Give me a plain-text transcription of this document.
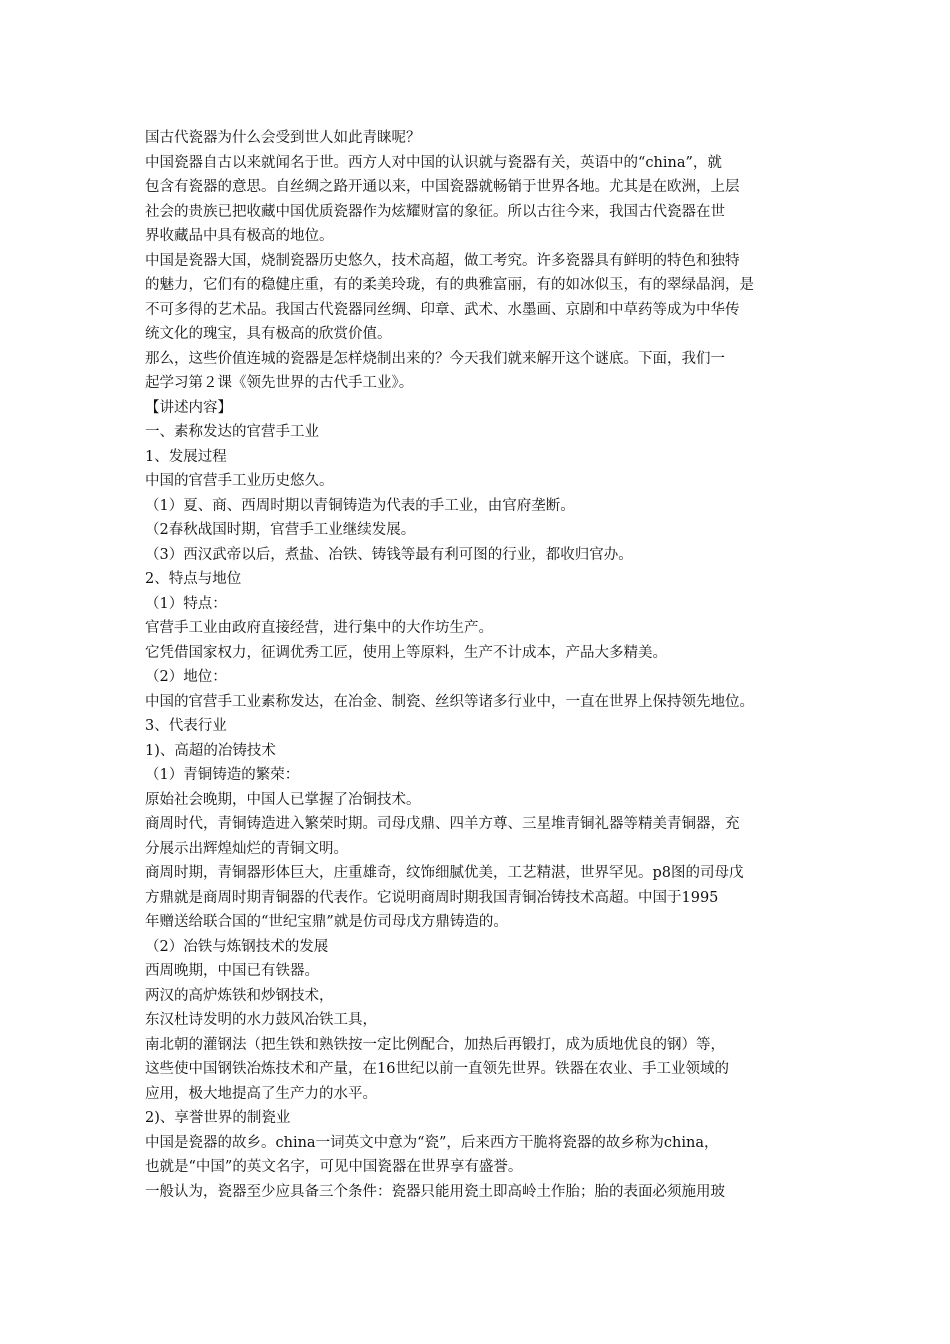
国古代瓷器为什么会受到世人如此青睐呢？
中国瓷器自古以来就闻名于世。西方人对中国的认识就与瓷器有关，英语中的“china”，就
包含有瓷器的意思。自丝绸之路开通以来，中国瓷器就畅销于世界各地。尤其是在欧洲，上层
社会的贵族已把收藏中国优质瓷器作为炫耀财富的象征。所以古往今来，我国古代瓷器在世
界收藏品中具有极高的地位。
中国是瓷器大国，烧制瓷器历史悠久，技术高超，做工考究。许多瓷器具有鲜明的特色和独特
的魅力，它们有的稳健庄重，有的柔美玲珑，有的典雅富丽，有的如冰似玉，有的翠绿晶润，是
不可多得的艺术品。我国古代瓷器同丝绸、印章、武术、水墨画、京剧和中草药等成为中华传
统文化的瑰宝，具有极高的欣赏价值。
那么，这些价值连城的瓷器是怎样烧制出来的？今天我们就来解开这个谜底。下面，我们一
起学习第２课《领先世界的古代手工业》。
【讲述内容】
一、素称发达的官营手工业
1、发展过程
中国的官营手工业历史悠久。
（1）夏、商、西周时期以青铜铸造为代表的手工业，由官府垄断。
（2春秋战国时期，官营手工业继续发展。
（3）西汉武帝以后，煮盐、冶铁、铸钱等最有利可图的行业，都收归官办。
2、特点与地位
（1）特点：
官营手工业由政府直接经营，进行集中的大作坊生产。
它凭借国家权力，征调优秀工匠，使用上等原料，生产不计成本，产品大多精美。
（2）地位：
中国的官营手工业素称发达，在冶金、制瓷、丝织等诸多行业中，一直在世界上保持领先地位。
3、代表行业
1)、高超的冶铸技术
（1）青铜铸造的繁荣：
原始社会晚期，中国人已掌握了冶铜技术。
商周时代，青铜铸造进入繁荣时期。司母戊鼎、四羊方尊、三星堆青铜礼器等精美青铜器，充
分展示出辉煌灿烂的青铜文明。
商周时期，青铜器形体巨大，庄重雄奇，纹饰细腻优美，工艺精湛，世界罕见。p8图的司母戊
方鼎就是商周时期青铜器的代表作。它说明商周时期我国青铜冶铸技术高超。中国于1995
年赠送给联合国的“世纪宝鼎”就是仿司母戊方鼎铸造的。
（2）冶铁与炼钢技术的发展
西周晚期，中国已有铁器。
两汉的高炉炼铁和炒钢技术，
东汉杜诗发明的水力鼓风冶铁工具，
南北朝的灌钢法（把生铁和熟铁按一定比例配合，加热后再锻打，成为质地优良的钢）等，
这些使中国钢铁冶炼技术和产量，在16世纪以前一直领先世界。铁器在农业、手工业领域的
应用，极大地提高了生产力的水平。
2)、享誉世界的制瓷业
中国是瓷器的故乡。china一词英文中意为“瓷”，后来西方干脆将瓷器的故乡称为china，
也就是“中国”的英文名字，可见中国瓷器在世界享有盛誉。
一般认为，瓷器至少应具备三个条件：瓷器只能用瓷土即高岭土作胎；胎的表面必须施用玻
